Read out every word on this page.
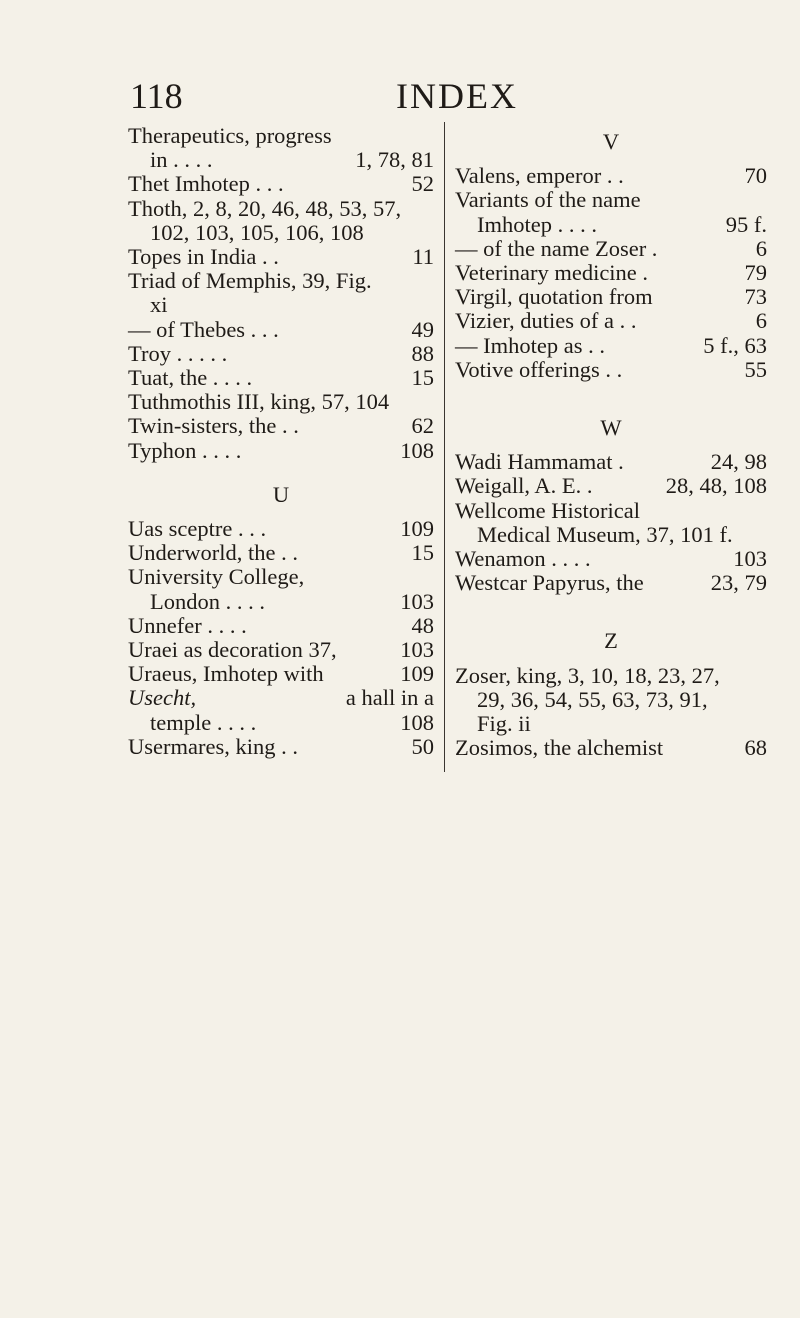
118	INDEX
Therapeutics, progress
in . . . .	1, 78, 81
Thet Imhotep . . .	52
Thoth, 2, 8, 20, 46, 48, 53, 57,
102, 103, 105, 106, 108
Topes in India . .	11
Triad of Memphis, 39, Fig.
xi
— of Thebes . . .	49
Troy . . . . .	88
Tuat, the . . . .	15
Tuthmothis III, king, 57, 104
Twin-sisters, the . .	62
Typhon . . . .	108
U
Uas sceptre . . .	109
Underworld, the . .	15
University College,
London . . . .	103
Unnefer . . . .	48
Uraei as decoration 37,	103
Uraeus, Imhotep with	109
Usecht,	a hall in a
temple . . . .	108
Usermares, king . .	50
V
Valens, emperor . .	70
Variants of the name
Imhotep . . . .	95 f.
— of the name Zoser .	6
Veterinary medicine .	79
Virgil, quotation from	73
Vizier, duties of a . .	6
— Imhotep as . .	5 f., 63
Votive offerings . .	55
W
Wadi Hammamat .	24, 98
Weigall, A. E. .	28, 48, 108
Wellcome Historical
Medical Museum, 37, 101 f.
Wenamon . . . .	103
Westcar Papyrus, the	23, 79
Z
Zoser, king, 3, 10, 18, 23, 27,
29, 36, 54, 55, 63, 73, 91,
Fig. ii
Zosimos, the alchemist	68
